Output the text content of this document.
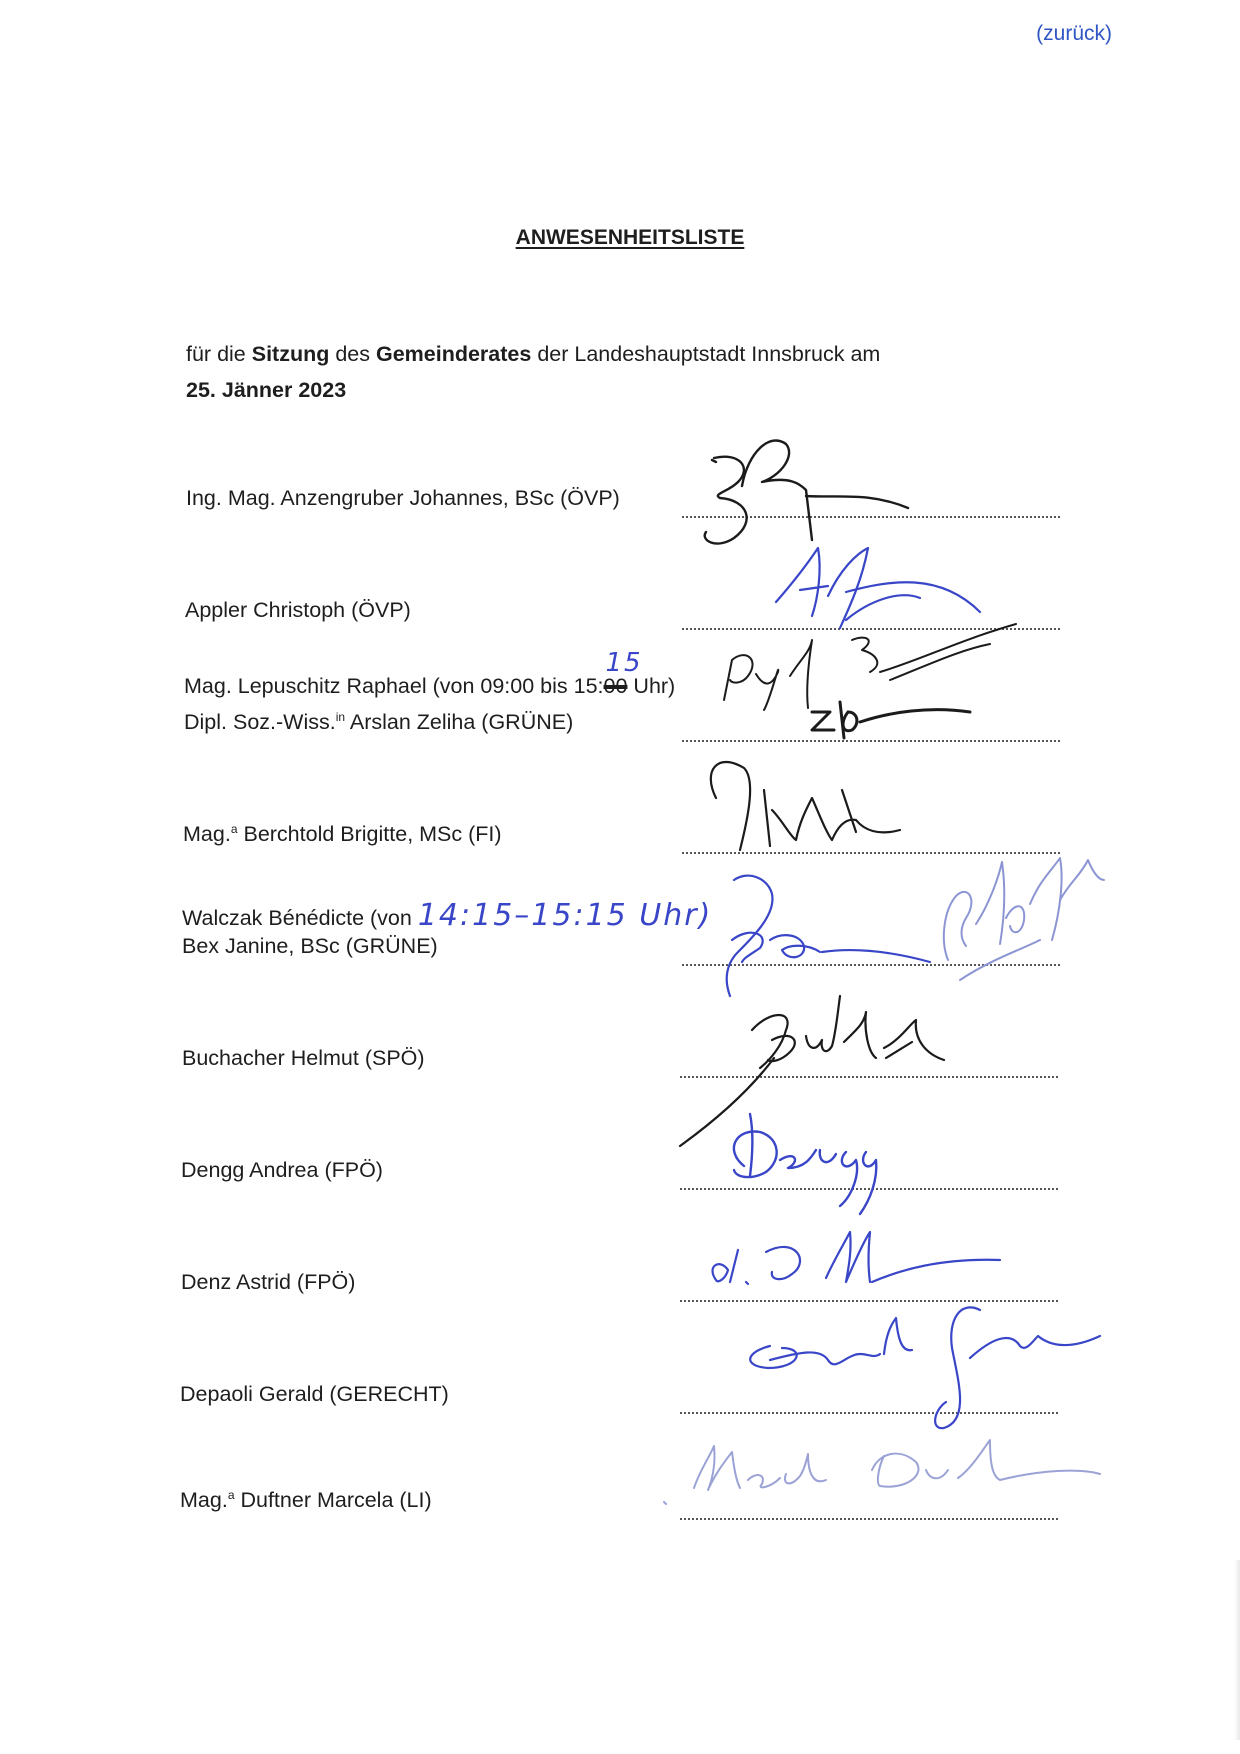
(zurück)
ANWESENHEITSLISTE
für die Sitzung des Gemeinderates der Landeshauptstadt Innsbruck am
25. Jänner 2023
Ing. Mag. Anzengruber Johannes, BSc (ÖVP)
Appler Christoph (ÖVP)
Mag. Lepuschitz Raphael (von 09:00 bis 15:00
15
Uhr)
Dipl. Soz.-Wiss.$^{in}$ Arslan Zeliha (GRÜNE)
Mag.$^a$ Berchtold Brigitte, MSc (FI)
Walczak Bénédicte (von 14:15–15:15 Uhr)
Bex Janine, BSc (GRÜNE)
Buchacher Helmut (SPÖ)
Dengg Andrea (FPÖ)
Denz Astrid (FPÖ)
Depaoli Gerald (GERECHT)
Mag.$^a$ Duftner Marcela (LI)
